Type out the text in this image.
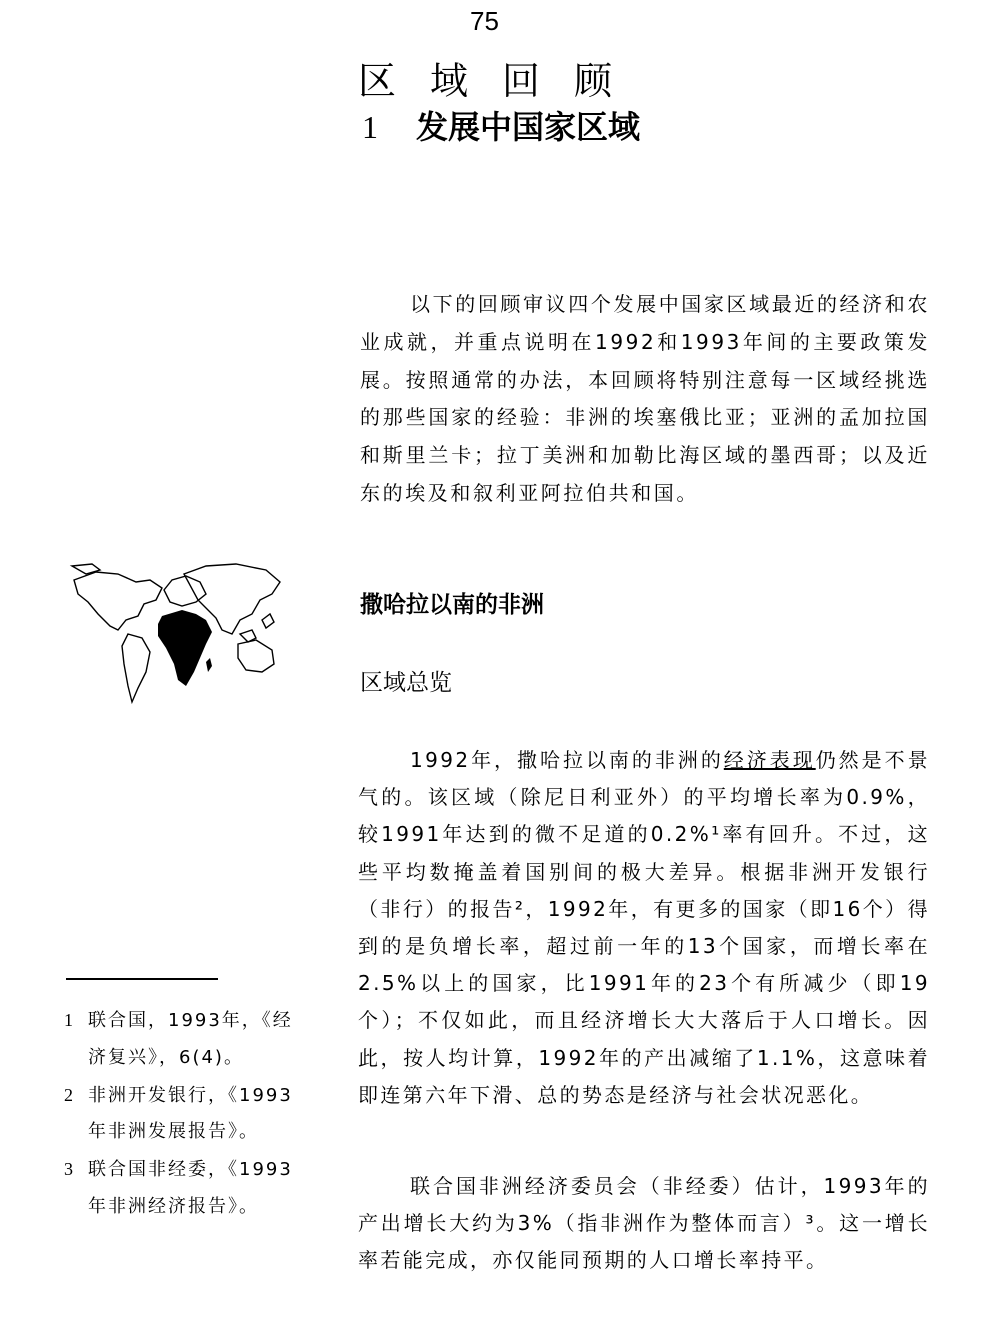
75
区域回顾
1 发展中国家区域

以下的回顾审议四个发展中国家区域最近的经济和农业成就，并重点说明在1992和1993年间的主要政策发展。按照通常的办法，本回顾将特别注意每一区域经挑选的那些国家的经验：非洲的埃塞俄比亚；亚洲的孟加拉国和斯里兰卡；拉丁美洲和加勒比海区域的墨西哥；以及近东的埃及和叙利亚阿拉伯共和国。

撒哈拉以南的非洲

区域总览

1992年，撒哈拉以南的非洲的经济表现仍然是不景气的。该区域（除尼日利亚外）的平均增长率为0.9%，较1991年达到的微不足道的0.2%¹率有回升。不过，这些平均数掩盖着国别间的极大差异。根据非洲开发银行（非行）的报告²，1992年，有更多的国家（即16个）得到的是负增长率，超过前一年的13个国家，而增长率在2.5%以上的国家，比1991年的23个有所减少（即19个）；不仅如此，而且经济增长大大落后于人口增长。因此，按人均计算，1992年的产出减缩了1.1%，这意味着即连第六年下滑、总的势态是经济与社会状况恶化。

联合国非洲经济委员会（非经委）估计，1993年的产出增长大约为3%（指非洲作为整体而言）³。这一增长率若能完成，亦仅能同预期的人口增长率持平。

1 联合国，1993年，《经济复兴》，6(4)。
2 非洲开发银行，《1993年非洲发展报告》。
3 联合国非经委，《1993年非洲经济报告》。
